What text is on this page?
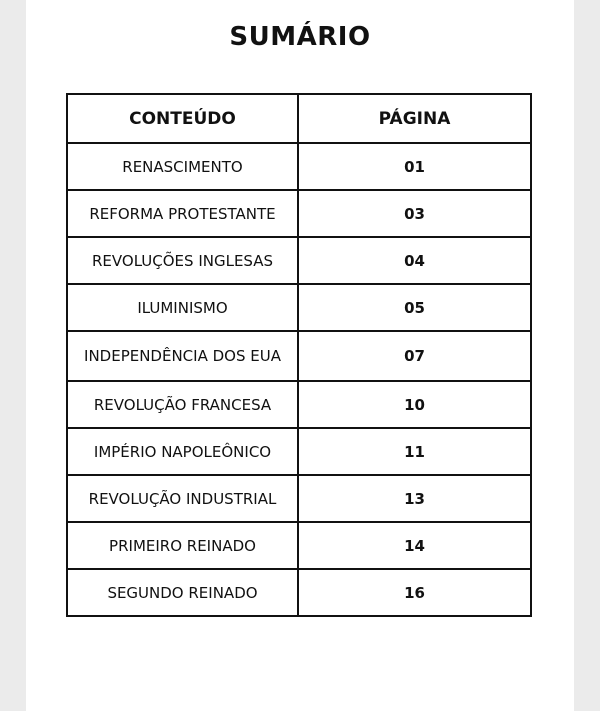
SUMÁRIO
CONTEÚDO	PÁGINA
RENASCIMENTO	01
REFORMA PROTESTANTE	03
REVOLUÇÕES INGLESAS	04
ILUMINISMO	05
INDEPENDÊNCIA DOS EUA	07
REVOLUÇÃO FRANCESA	10
IMPÉRIO NAPOLEÔNICO	11
REVOLUÇÃO INDUSTRIAL	13
PRIMEIRO REINADO	14
SEGUNDO REINADO	16
